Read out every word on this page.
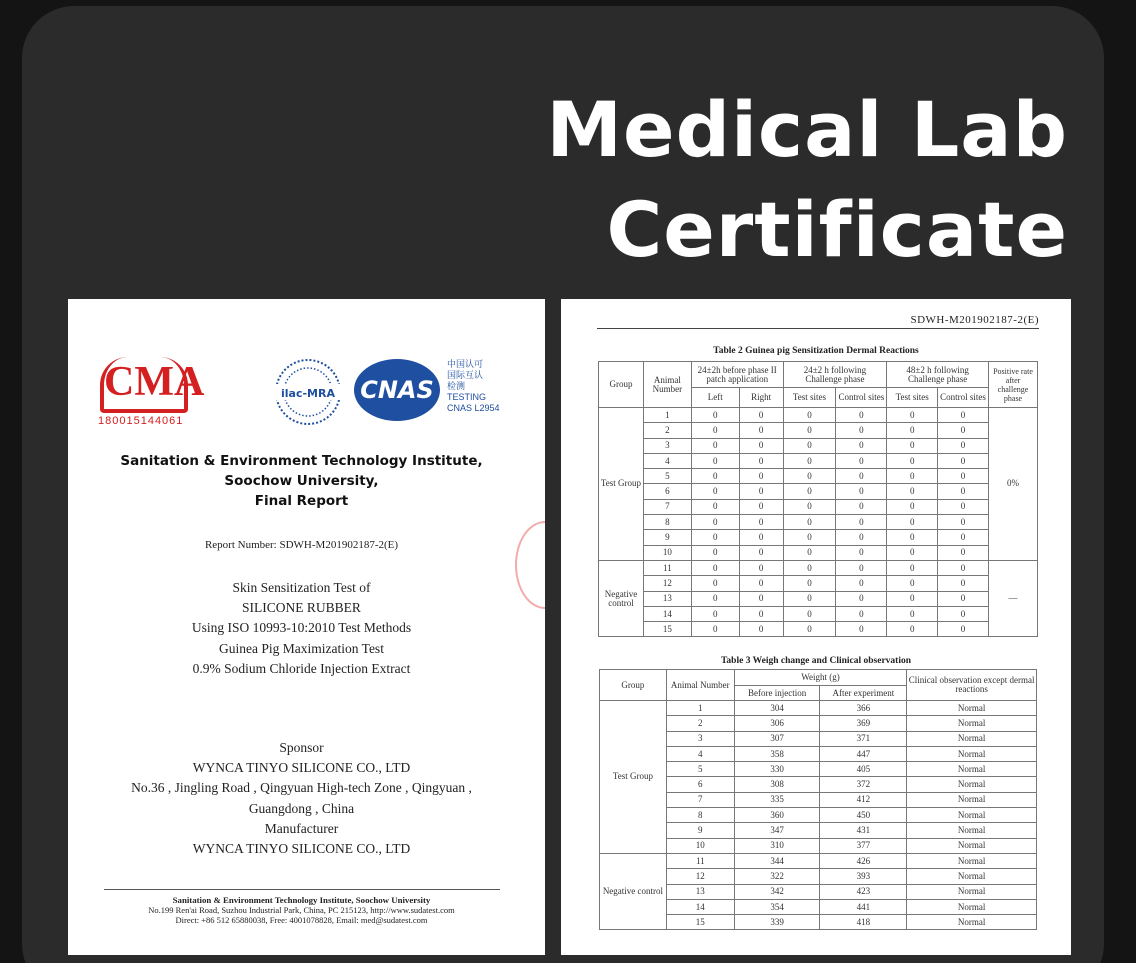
Medical Lab
Certificate
CMA
180015144061
ilac-MRA CNAS
中国认可
国际互认
检测
TESTING
CNAS L2954
Sanitation & Environment Technology Institute,
Soochow University,
Final Report
Report Number: SDWH-M201902187-2(E)
Skin Sensitization Test of
SILICONE RUBBER
Using ISO 10993-10:2010 Test Methods
Guinea Pig Maximization Test
0.9% Sodium Chloride Injection Extract
Sponsor
WYNCA TINYO SILICONE CO., LTD
No.36 , Jingling Road , Qingyuan High-tech Zone , Qingyuan ,
Guangdong , China
Manufacturer
WYNCA TINYO SILICONE CO., LTD
Sanitation & Environment Technology Institute, Soochow University
No.199 Ren'ai Road, Suzhou Industrial Park, China, PC 215123, http://www.sudatest.com
Direct: +86 512 65880038, Free: 4001078828, Email: med@sudatest.com
SDWH-M201902187-2(E)
Table 2 Guinea pig Sensitization Dermal Reactions
Group	Animal Number	24±2h before phase II patch application		24±2 h following Challenge phase		48±2 h following Challenge phase		Positive rate after challenge phase
		Left	Right	Test sites	Control sites	Test sites	Control sites	
Test Group	1	0	0	0	0	0	0	0%
	2	0	0	0	0	0	0	
	3	0	0	0	0	0	0	
	4	0	0	0	0	0	0	
	5	0	0	0	0	0	0	
	6	0	0	0	0	0	0	
	7	0	0	0	0	0	0	
	8	0	0	0	0	0	0	
	9	0	0	0	0	0	0	
	10	0	0	0	0	0	0	
Negative control	11	0	0	0	0	0	0	—
	12	0	0	0	0	0	0	
	13	0	0	0	0	0	0	
	14	0	0	0	0	0	0	
	15	0	0	0	0	0	0	
Table 3 Weigh change and Clinical observation
Group	Animal Number	Weight (g)		Clinical observation except dermal reactions
		Before injection	After experiment	
Test Group	1	304	366	Normal
	2	306	369	Normal
	3	307	371	Normal
	4	358	447	Normal
	5	330	405	Normal
	6	308	372	Normal
	7	335	412	Normal
	8	360	450	Normal
	9	347	431	Normal
	10	310	377	Normal
Negative control	11	344	426	Normal
	12	322	393	Normal
	13	342	423	Normal
	14	354	441	Normal
	15	339	418	Normal
